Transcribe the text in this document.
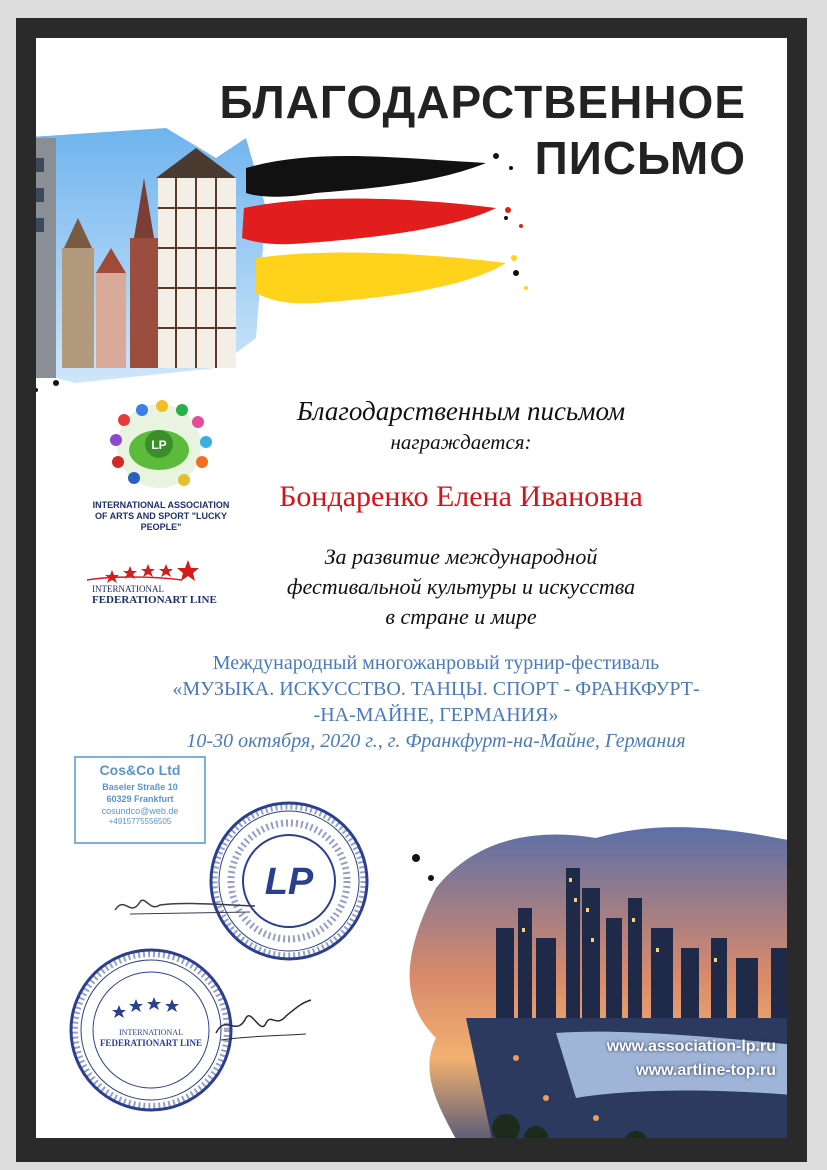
БЛАГОДАРСТВЕННОЕ
ПИСЬМО
LP
INTERNATIONAL ASSOCIATION
OF ARTS AND SPORT "LUCKY PEOPLE"
INTERNATIONAL
FEDERATIONART LINE
Благодарственным письмом
награждается:
Бондаренко Елена Ивановна
За развитие международной
фестивальной культуры и искусства
в стране и мире
Международный многожанровый турнир-фестиваль
«МУЗЫКА. ИСКУССТВО. ТАНЦЫ. СПОРТ - ФРАНКФУРТ-
-НА-МАЙНЕ, ГЕРМАНИЯ»
10-30 октября, 2020 г., г. Франкфурт-на-Майне, Германия
Cos&Co Ltd
Baseler Straße 10
60329 Frankfurt
cosundco@web.de
+4915775556505
LP
INTERNATIONAL
FEDERATIONART LINE	www.association-lp.ru
www.artline-top.ru
